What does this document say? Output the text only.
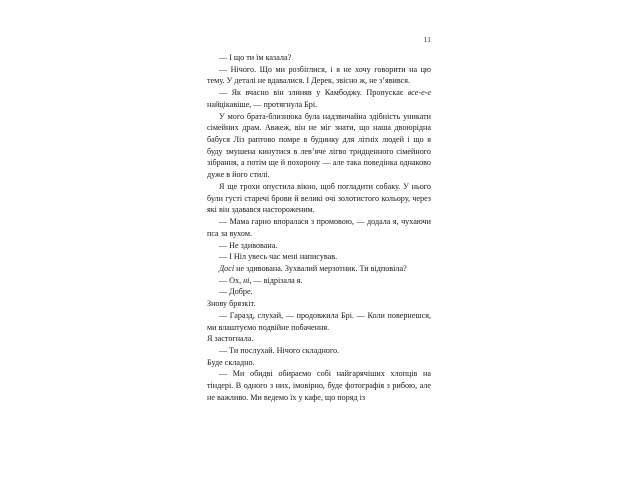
11

— І що ти їм казала?

— Нічого. Що ми розбіглися, і я не хочу говорити на цю тему. У деталі не вдавалися. І Дерек, звісно ж, не з’явився.

— Як вчасно він злиняв у Камбоджу. Пропускає все-е-е найцікавіше, — протягнула Брі.

У мого брата-близнюка була надзвичайна здібність уникати сімейних драм. Авжеж, він не міг знати, що наша двоюрідна бабуся Ліз раптово помре в будинку для літніх людей і що я буду змушена кинутися в лев’яче лігво тридценного сімейного зібрання, а потім ще й похорону — але така поведінка однаково дуже в його стилі.

Я ще трохи опустила вікно, щоб погладити собаку. У нього були густі старечі брови й великі очі золотистого кольору, через які він здавався настороженим.

— Мама гарно впоралася з промовою, — додала я, чухаючи пса за вухом.

— Не здивована.

— І Ніл увесь час мені написував.

Досі не здивована. Зухвалий мерзотник. Ти відповіла?

— Ох, ні, — відрізала я.

— Добре.

Знову брязкіт.

— Гаразд, слухай, — продовжила Брі. — Коли повернешся, ми влаштуємо подвійне побачення.

Я застогнала.

— Ти послухай. Нічого складного.

Буде складно.

— Ми обидві обираємо собі найгарячіших хлопців на тіндері. В одного з них, імовірно, буде фотографія з рибою, але не важливо. Ми ведемо їх у кафе, що поряд із
